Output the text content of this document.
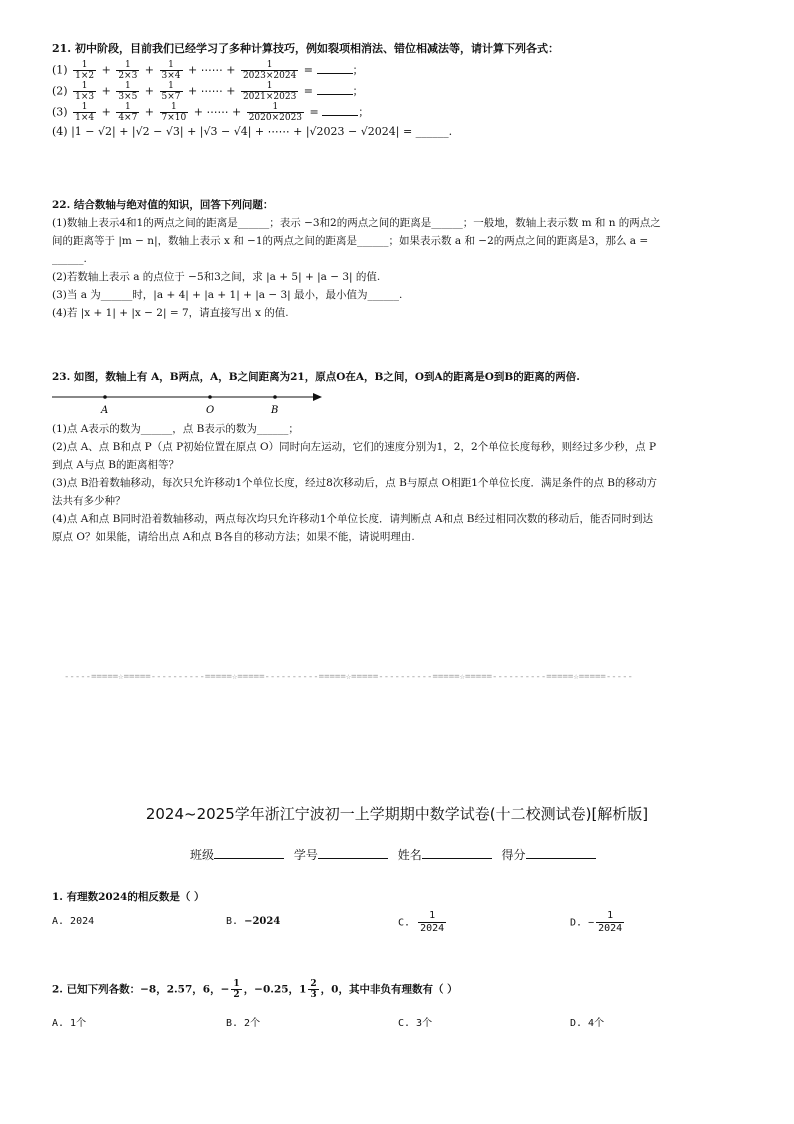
21. 初中阶段，目前我们已经学习了多种计算技巧，例如裂项相消法、错位相减法等，请计算下列各式：
$(1) \frac{1}{1\times 2} + \frac{1}{2\times 3} + \frac{1}{3\times 4}$ + ⋯⋯ + $\frac{1}{2023\times 2024}$ =	；
$(2) \frac{1}{1\times 3} + \frac{1}{3\times 5} + \frac{1}{5\times 7}$ + ⋯⋯ + $\frac{1}{2021\times 2023}$ =	；
$(3) \frac{1}{1\times 4} + \frac{1}{4\times 7} + \frac{1}{7\times 10}$ + ⋯⋯ + $\frac{1}{2020\times 2023}$ =	；
(4) |1 − √2| + |√2 − √3| + |√3 − √4| + ⋯⋯ + |√2023 − √2024| = ______.
22. 结合数轴与绝对值的知识，回答下列问题：
(1)数轴上表示4和1的两点之间的距离是______；表示 −3和2的两点之间的距离是______；一般地，数轴上表示数 m 和 n 的两点之
间的距离等于 |m − n|，数轴上表示 x 和 −1的两点之间的距离是______；如果表示数 a 和 −2的两点之间的距离是3，那么 a =
______.
(2)若数轴上表示 a 的点位于 −5和3之间，求 |a + 5| + |a − 3| 的值.
(3)当 a 为______时，|a + 4| + |a + 1| + |a − 3| 最小，最小值为______.
(4)若 |x + 1| + |x − 2| = 7，请直接写出 x 的值.
23. 如图，数轴上有 A，B两点，A，B之间距离为21，原点O在A，B之间，O到A的距离是O到B的距离的两倍.
A	O	B
(1)点 A表示的数为______，点 B表示的数为______；
(2)点 A、点 B和点 P（点 P初始位置在原点 O）同时向左运动，它们的速度分别为1，2，2个单位长度每秒，则经过多少秒，点 P
到点 A与点 B的距离相等？
(3)点 B沿着数轴移动，每次只允许移动1个单位长度，经过8次移动后，点 B与原点 O相距1个单位长度．满足条件的点 B的移动方
法共有多少种？
(4)点 A和点 B同时沿着数轴移动，两点每次均只允许移动1个单位长度．请判断点 A和点 B经过相同次数的移动后，能否同时到达
原点 O？如果能，请给出点 A和点 B各自的移动方法；如果不能，请说明理由.
-----=====☆=====----------=====☆=====----------=====☆=====----------=====☆=====----------=====☆=====-----
2024~2025学年浙江宁波初一上学期期中数学试卷(十二校测试卷)[解析版]
班级	学号	姓名	得分
1. 有理数2024的相反数是（ ）
A. 2024	B. −2024	C. $\frac{1}{2024}$	D. − $\frac{1}{2024}$
2. 已知下列各数：−8，2.57，6，− $\frac{1}{2}$ ，−0.25，$1 \frac{2}{3}$ ，0，其中非负有理数有（ ）
A. 1个	B. 2个	C. 3个	D. 4个
